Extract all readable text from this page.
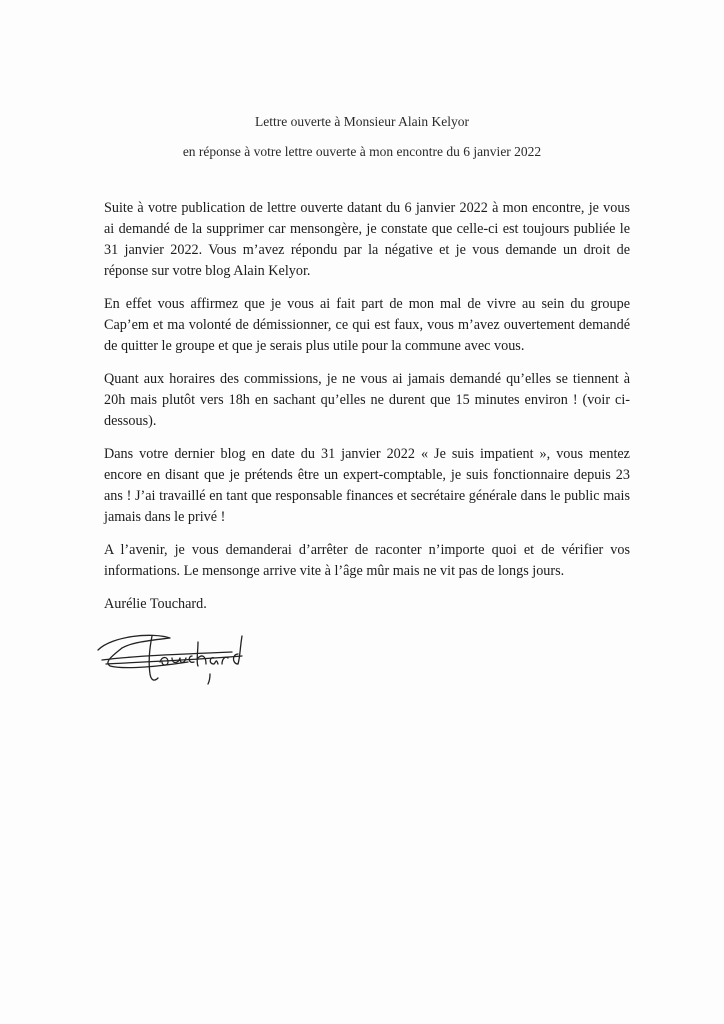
Lettre ouverte à Monsieur Alain Kelyor
en réponse à votre lettre ouverte à mon encontre du 6 janvier 2022

Suite à votre publication de lettre ouverte datant du 6 janvier 2022 à mon encontre, je vous ai demandé de la supprimer car mensongère, je constate que celle-ci est toujours publiée le 31 janvier 2022. Vous m’avez répondu par la négative et je vous demande un droit de réponse sur votre blog Alain Kelyor.

En effet vous affirmez que je vous ai fait part de mon mal de vivre au sein du groupe Cap’em et ma volonté de démissionner, ce qui est faux, vous m’avez ouvertement demandé de quitter le groupe et que je serais plus utile pour la commune avec vous.

Quant aux horaires des commissions, je ne vous ai jamais demandé qu’elles se tiennent à 20h mais plutôt vers 18h en sachant qu’elles ne durent que 15 minutes environ ! (voir ci-dessous).

Dans votre dernier blog en date du 31 janvier 2022 « Je suis impatient », vous mentez encore en disant que je prétends être un expert-comptable, je suis fonctionnaire depuis 23 ans ! J’ai travaillé en tant que responsable finances et secrétaire générale dans le public mais jamais dans le privé !

A l’avenir, je vous demanderai d’arrêter de raconter n’importe quoi et de vérifier vos informations. Le mensonge arrive vite à l’âge mûr mais ne vit pas de longs jours.

Aurélie Touchard.
